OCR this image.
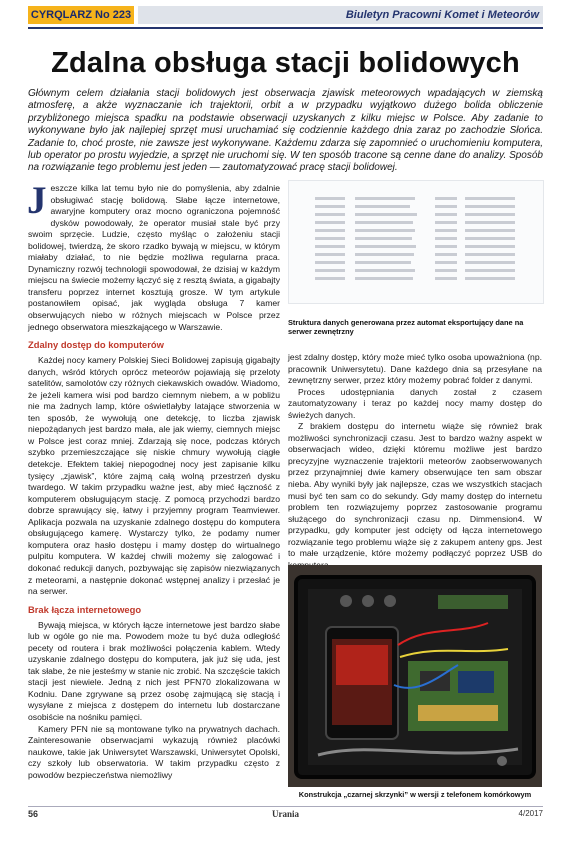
CYRQLARZ No 223	Biuletyn Pracowni Komet i Meteorów
Zdalna obsługa stacji bolidowych

Głównym celem działania stacji bolidowych jest obserwacja zjawisk meteorowych wpadających w ziemską atmosferę, a akże wyznaczanie ich trajektorii, orbit a w przypadku wyjątkowo dużego bolida obliczenie przybliżonego miejsca spadku na podstawie obserwacji uzyskanych z kilku miejsc w Polsce. Aby zadanie to wykonywane było jak najlepiej sprzęt musi uruchamiać się codziennie każdego dnia zaraz po zachodzie Słońca. Zadanie to, choć proste, nie zawsze jest wykonywane. Każdemu zdarza się zapomnieć o uruchomieniu komputera, lub operator po prostu wyjedzie, a sprzęt nie uruchomi się. W ten sposób tracone są cenne dane do analizy. Sposób na rozwiązanie tego problemu jest jeden — zautomatyzować pracę stacji bolidowej.

Jeszcze kilka lat temu było nie do pomyślenia, aby zdalnie obsługiwać stację bolidową. Słabe łącze internetowe, awaryjne komputery oraz mocno ograniczona pojemność dysków powodowały, że operator musiał stale być przy swoim sprzęcie. Ludzie, często myśląc o założeniu stacji bolidowej, twierdzą, że skoro rzadko bywają w miejscu, w którym miałaby działać, to nie będzie możliwa regularna praca. Dynamiczny rozwój technologii spowodował, że dzisiaj w każdym miejscu na świecie możemy łączyć się z resztą świata, a gigabajty transferu poprzez internet kosztują grosze. W tym artykule postanowiłem opisać, jak wygląda obsługa 7 kamer obserwujących niebo w różnych miejscach w Polsce przez jednego obserwatora mieszkającego w Warszawie.

Zdalny dostęp do komputerów

Każdej nocy kamery Polskiej Sieci Bolidowej zapisują gigabajty danych, wśród których oprócz meteorów pojawiają się przeloty satelitów, samolotów czy różnych ciekawskich owadów. Wiadomo, że jeżeli kamera wisi pod bardzo ciemnym niebem, a w pobliżu nie ma żadnych lamp, które oświetlałyby latające stworzenia w ten sposób, że wywołują one detekcję, to liczba zjawisk niepożądanych jest bardzo mała, ale jak wiemy, ciemnych miejsc w Polsce jest coraz mniej. Zdarzają się noce, podczas których szybko przemieszczające się niskie chmury wywołują ciągłe detekcje. Efektem takiej niepogodnej nocy jest zapisanie kilku tysięcy „zjawisk”, które zajmą całą wolną przestrzeń dysku twardego. W takim przypadku ważne jest, aby mieć łączność z komputerem obsługującym stację. Z pomocą przychodzi bardzo dobrze sprawujący się, łatwy i przyjemny program Teamviewer. Aplikacja pozwala na uzyskanie zdalnego dostępu do komputera obsługującego kamerę. Wystarczy tylko, że podamy numer komputera oraz hasło dostępu i mamy dostęp do wirtualnego pulpitu komputera. W każdej chwili możemy się zalogować i dokonać redukcji danych, pozbywając się zapisów niezwiązanych z meteorami, a następnie dokonać wstępnej analizy i przesłać je na serwer.

Brak łącza internetowego

Bywają miejsca, w których łącze internetowe jest bardzo słabe lub w ogóle go nie ma. Powodem może tu być duża odległość pecety od routera i brak możliwości połączenia kablem. Wtedy uzyskanie zdalnego dostępu do komputera, jak już się uda, jest tak słabe, że nie jesteśmy w stanie nic zrobić. Na szczęście takich stacji jest niewiele. Jedną z nich jest PFN70 zlokalizowana w Kodniu. Dane zgrywane są przez osobę zajmującą się stacją i wysyłane z miejsca z dostępem do internetu lub dostarczane osobiście na nośniku pamięci.

Kamery PFN nie są montowane tylko na prywatnych dachach. Zainteresowanie obserwacjami wykazują również placówki naukowe, takie jak Uniwersytet Warszawski, Uniwersytet Opolski, czy szkoły lub obserwatoria. W takim przypadku często z powodów bezpieczeństwa niemożliwy

Struktura danych generowana przez automat eksportujący dane na serwer zewnętrzny

jest zdalny dostęp, który może mieć tylko osoba upoważniona (np. pracownik Uniwersytetu). Dane każdego dnia są przesyłane na zewnętrzny serwer, przez który możemy pobrać folder z danymi.

Proces udostępniania danych został z czasem zautomatyzowany i teraz po każdej nocy mamy dostęp do świeżych danych.

Z brakiem dostępu do internetu wiąże się również brak możliwości synchronizacji czasu. Jest to bardzo ważny aspekt w obserwacjach wideo, dzięki któremu możliwe jest bardzo precyzyjne wyznaczenie trajektorii meteorów zaobserwowanych przez przynajmniej dwie kamery obserwujące ten sam obszar nieba. Aby wyniki były jak najlepsze, czas we wszystkich stacjach musi być ten sam co do sekundy. Gdy mamy dostęp do internetu problem ten rozwiązujemy poprzez zastosowanie programu służącego do synchronizacji czasu np. Dimmension4. W przypadku, gdy komputer jest odcięty od łącza internetowego rozwiązanie tego problemu wiąże się z zakupem anteny gps. Jest to małe urządzenie, które możemy podłączyć poprzez USB do

Konstrukcja „czarnej skrzynki” w wersji z telefonem komórkowym
56	Urania	4/2017
